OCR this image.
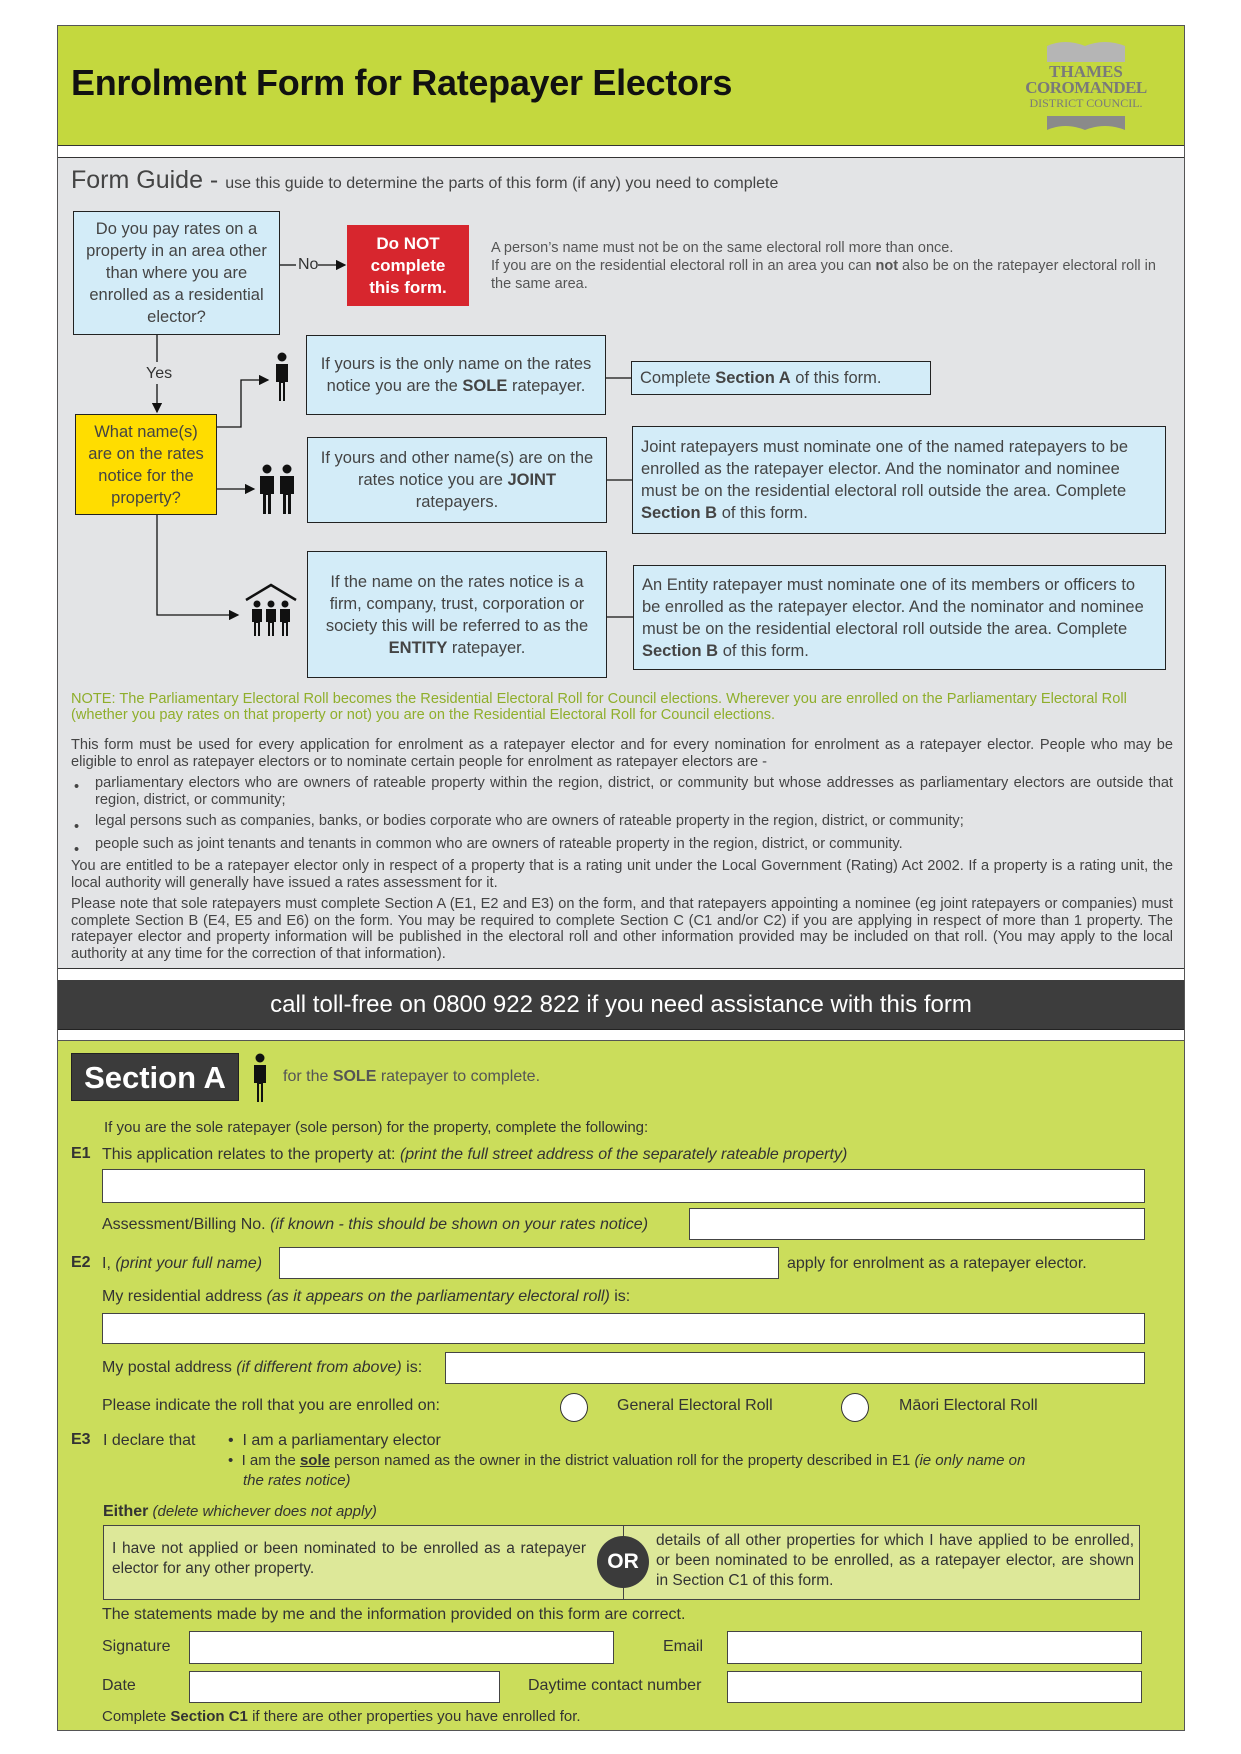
Enrolment Form for Ratepayer Electors	THAMES
COROMANDEL
DISTRICT COUNCIL.
Form Guide - use this guide to determine the parts of this form (if any) you need to complete
No
Yes
Do you pay rates on a property in an area other than where you are enrolled as a residential elector?
Do NOT complete this form.
A person’s name must not be on the same electoral roll more than once.
If you are on the residential electoral roll in an area you can not also be on the ratepayer electoral roll in the same area.
What name(s) are on the rates notice for the property?
If yours is the only name on the rates notice you are the SOLE ratepayer.	Complete Section A of this form.
If yours and other name(s) are on the rates notice you are JOINT ratepayers.
Joint ratepayers must nominate one of the named ratepayers to be enrolled as the ratepayer elector. And the nominator and nominee must be on the residential electoral roll outside the area. Complete Section B of this form.
If the name on the rates notice is a firm, company, trust, corporation or society this will be referred to as the ENTITY ratepayer.
An Entity ratepayer must nominate one of its members or officers to be enrolled as the ratepayer elector. And the nominator and nominee must be on the residential electoral roll outside the area. Complete Section B of this form.
NOTE: The Parliamentary Electoral Roll becomes the Residential Electoral Roll for Council elections. Wherever you are enrolled on the Parliamentary Electoral Roll (whether you pay rates on that property or not) you are on the Residential Electoral Roll for Council elections.
This form must be used for every application for enrolment as a ratepayer elector and for every nomination for enrolment as a ratepayer elector. People who may be eligible to enrol as ratepayer electors or to nominate certain people for enrolment as ratepayer electors are -
• parliamentary electors who are owners of rateable property within the region, district, or community but whose addresses as parliamentary electors are outside that region, district, or community;
• legal persons such as companies, banks, or bodies corporate who are owners of rateable property in the region, district, or community;
• people such as joint tenants and tenants in common who are owners of rateable property in the region, district, or community.
You are entitled to be a ratepayer elector only in respect of a property that is a rating unit under the Local Government (Rating) Act 2002. If a property is a rating unit, the local authority will generally have issued a rates assessment for it.
Please note that sole ratepayers must complete Section A (E1, E2 and E3) on the form, and that ratepayers appointing a nominee (eg joint ratepayers or companies) must complete Section B (E4, E5 and E6) on the form. You may be required to complete Section C (C1 and/or C2) if you are applying in respect of more than 1 property. The ratepayer elector and property information will be published in the electoral roll and other information provided may be included on that roll. (You may apply to the local authority at any time for the correction of that information).
call toll-free on 0800 922 822 if you need assistance with this form
Section A	for the SOLE ratepayer to complete.
If you are the sole ratepayer (sole person) for the property, complete the following:
E1 This application relates to the property at: (print the full street address of the separately rateable property)
Assessment/Billing No. (if known - this should be shown on your rates notice)
E2 I, (print your full name)	apply for enrolment as a ratepayer elector.
My residential address (as it appears on the parliamentary electoral roll) is:
My postal address (if different from above) is:
Please indicate the roll that you are enrolled on:	General Electoral Roll	Māori Electoral Roll
E3 I declare that •  I am a parliamentary elector
•  I am the sole person named as the owner in the district valuation roll for the property described in E1 (ie only name on
the rates notice)
Either (delete whichever does not apply)
I have not applied or been nominated to be enrolled as a ratepayer elector for any other property.	OR
details of all other properties for which I have applied to be enrolled, or been nominated to be enrolled, as a ratepayer elector, are shown in Section C1 of this form.
The statements made by me and the information provided on this form are correct.
Signature	Email
Date	Daytime contact number
Complete Section C1 if there are other properties you have enrolled for.
